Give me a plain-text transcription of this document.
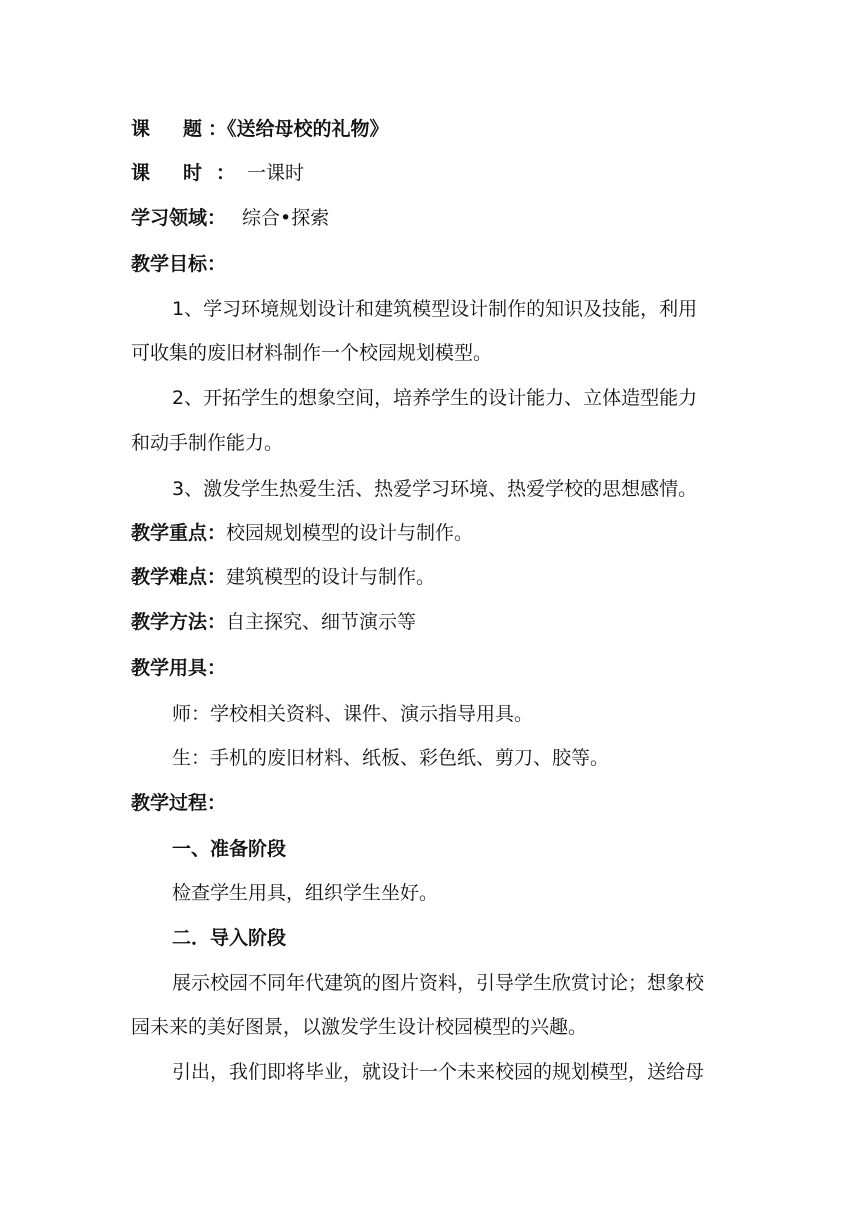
课 题 ：《送给母校的礼物》
课 时 ： 一课时
学习领域： 综合•探索
教学目标：
1、学习环境规划设计和建筑模型设计制作的知识及技能，利用
可收集的废旧材料制作一个校园规划模型。
2、开拓学生的想象空间，培养学生的设计能力、立体造型能力
和动手制作能力。
3、激发学生热爱生活、热爱学习环境、热爱学校的思想感情。
教学重点：校园规划模型的设计与制作。
教学难点：建筑模型的设计与制作。
教学方法：自主探究、细节演示等
教学用具：
师：学校相关资料、课件、演示指导用具。
生：手机的废旧材料、纸板、彩色纸、剪刀、胶等。
教学过程：
一、准备阶段
检查学生用具，组织学生坐好。
二．导入阶段
展示校园不同年代建筑的图片资料，引导学生欣赏讨论；想象校
园未来的美好图景，以激发学生设计校园模型的兴趣。
引出，我们即将毕业，就设计一个未来校园的规划模型，送给母
